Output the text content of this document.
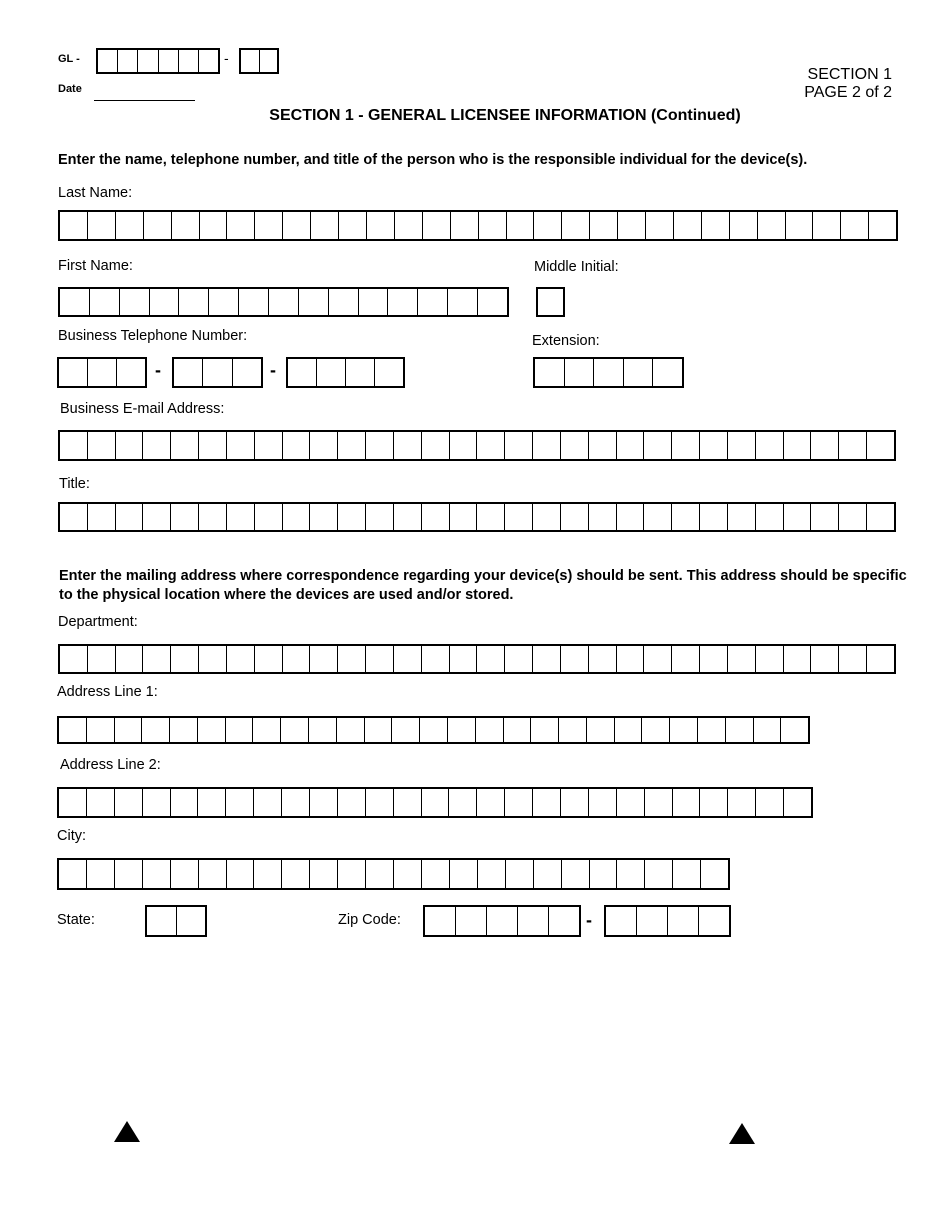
GL -	-
Date
SECTION 1
PAGE 2 of 2
SECTION 1 - GENERAL LICENSEE INFORMATION (Continued)
Enter the name, telephone number, and title of the person who is the responsible individual for the device(s).
Last Name:
First Name:	Middle Initial:
Business Telephone Number:
-	-
Extension:
Business E-mail Address:
Title:
Enter the mailing address where correspondence regarding your device(s) should be sent. This address should be specific to the physical location where the devices are used and/or stored.
Department:
Address Line 1:
Address Line 2:
City:
State:	Zip Code:	-
